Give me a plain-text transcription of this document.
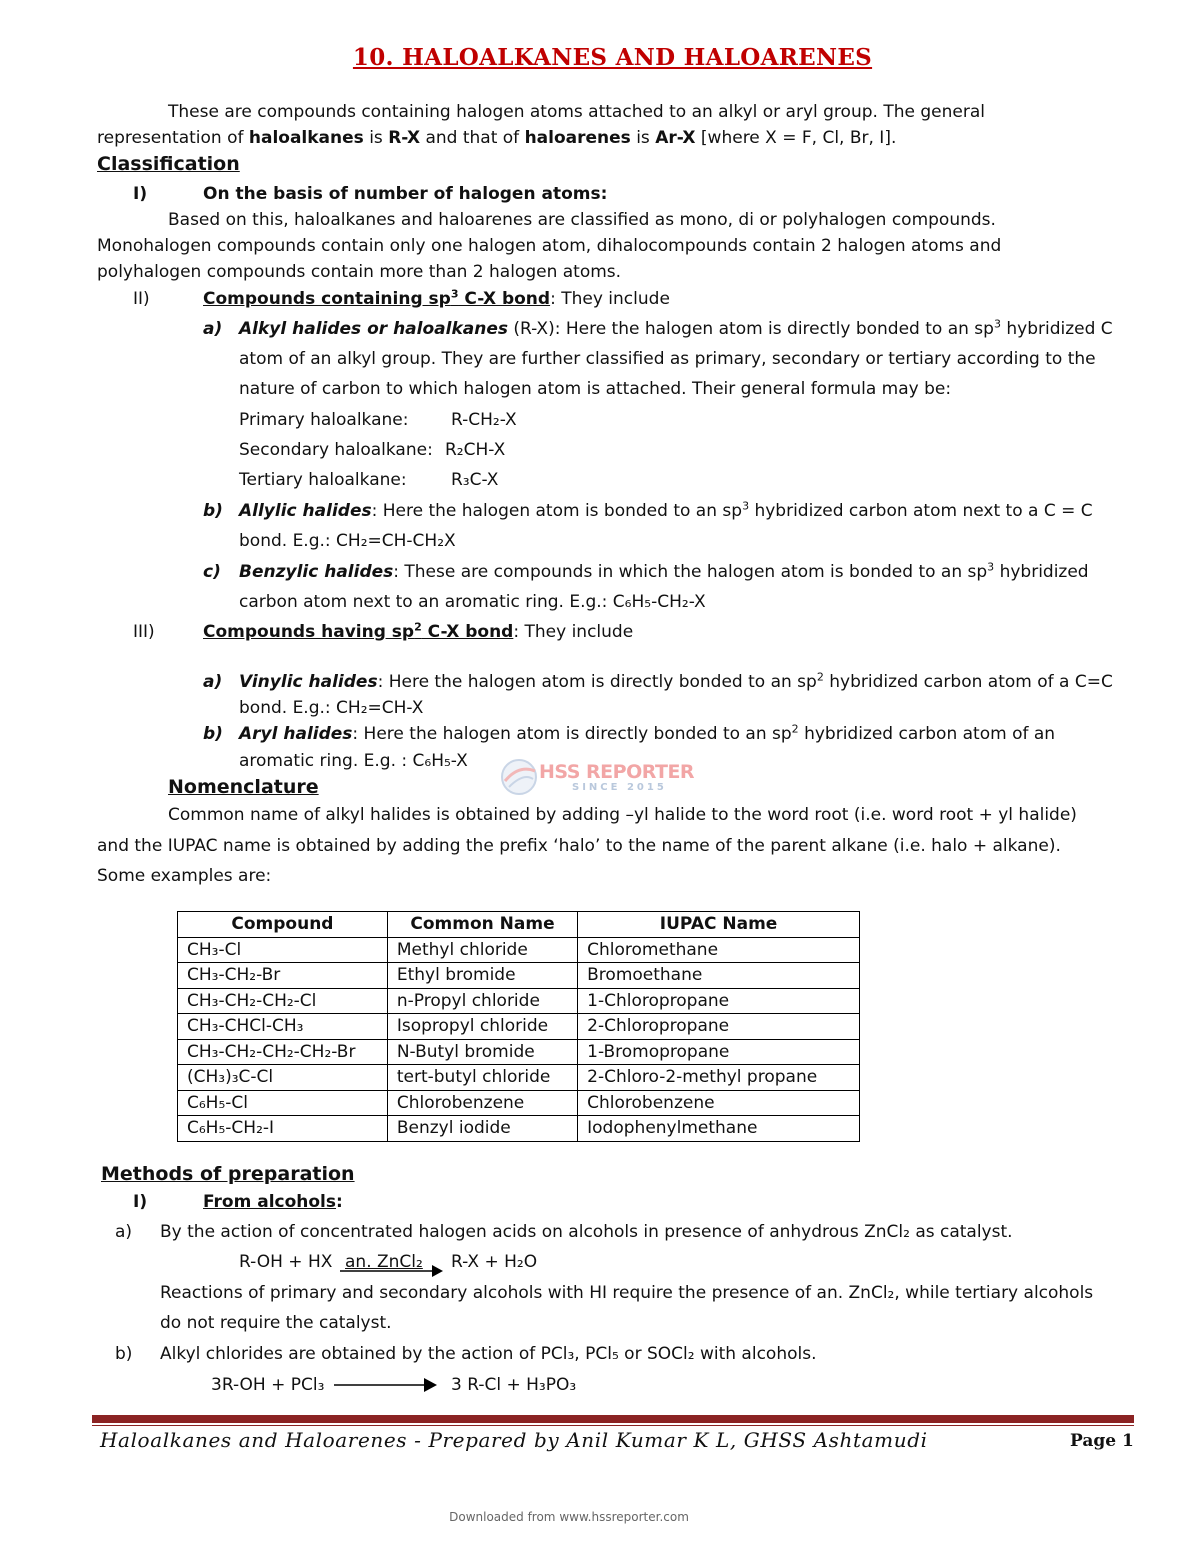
10. HALOALKANES AND HALOARENES
These are compounds containing halogen atoms attached to an alkyl or aryl group. The general
representation of haloalkanes is R-X and that of haloarenes is Ar-X [where X = F, Cl, Br, I].
Classification
I)	On the basis of number of halogen atoms:
Based on this, haloalkanes and haloarenes are classified as mono, di or polyhalogen compounds.
Monohalogen compounds contain only one halogen atom, dihalocompounds contain 2 halogen atoms and
polyhalogen compounds contain more than 2 halogen atoms.
II)	Compounds containing $sp^3$ C-X bond: They include
a) Alkyl halides or haloalkanes (R-X): Here the halogen atom is directly bonded to an $sp^3$ hybridized C
atom of an alkyl group. They are further classified as primary, secondary or tertiary according to the
nature of carbon to which halogen atom is attached. Their general formula may be:
Primary haloalkane:	R-CH₂-X
Secondary haloalkane: R₂CH-X
Tertiary haloalkane:	R₃C-X
b) Allylic halides: Here the halogen atom is bonded to an $sp^3$ hybridized carbon atom next to a C = C
bond. E.g.: CH₂=CH-CH₂X
c) Benzylic halides: These are compounds in which the halogen atom is bonded to an $sp^3$ hybridized
carbon atom next to an aromatic ring. E.g.: C₆H₅-CH₂-X
III)	Compounds having $sp^2$ C-X bond: They include
a) Vinylic halides: Here the halogen atom is directly bonded to an $sp^2$ hybridized carbon atom of a C=C
bond. E.g.: CH₂=CH-X
b) Aryl halides: Here the halogen atom is directly bonded to an $sp^2$ hybridized carbon atom of an
aromatic ring. E.g. : C₆H₅-X	HSS REPORTER
SINCE 2015
Nomenclature
Common name of alkyl halides is obtained by adding –yl halide to the word root (i.e. word root + yl halide)
and the IUPAC name is obtained by adding the prefix ‘halo’ to the name of the parent alkane (i.e. halo + alkane).
Some examples are:
Compound	Common Name	IUPAC Name
CH₃-Cl	Methyl chloride	Chloromethane
CH₃-CH₂-Br	Ethyl bromide	Bromoethane
CH₃-CH₂-CH₂-Cl	n-Propyl chloride	1-Chloropropane
CH₃-CHCl-CH₃	Isopropyl chloride	2-Chloropropane
CH₃-CH₂-CH₂-CH₂-Br	N-Butyl bromide	1-Bromopropane
(CH₃)₃C-Cl	tert-butyl chloride	2-Chloro-2-methyl propane
C₆H₅-Cl	Chlorobenzene	Chlorobenzene
C₆H₅-CH₂-I	Benzyl iodide	Iodophenylmethane
Methods of preparation
I)	From alcohols:
a) By the action of concentrated halogen acids on alcohols in presence of anhydrous ZnCl₂ as catalyst.
R-OH + HX an. ZnCl₂ R-X + H₂O
Reactions of primary and secondary alcohols with HI require the presence of an. ZnCl₂, while tertiary alcohols
do not require the catalyst.
b) Alkyl chlorides are obtained by the action of PCl₃, PCl₅ or SOCl₂ with alcohols.
3R-OH + PCl₃	3 R-Cl + H₃PO₃
Haloalkanes and Haloarenes - Prepared by Anil Kumar K L, GHSS Ashtamudi	Page 1
Downloaded from www.hssreporter.com
